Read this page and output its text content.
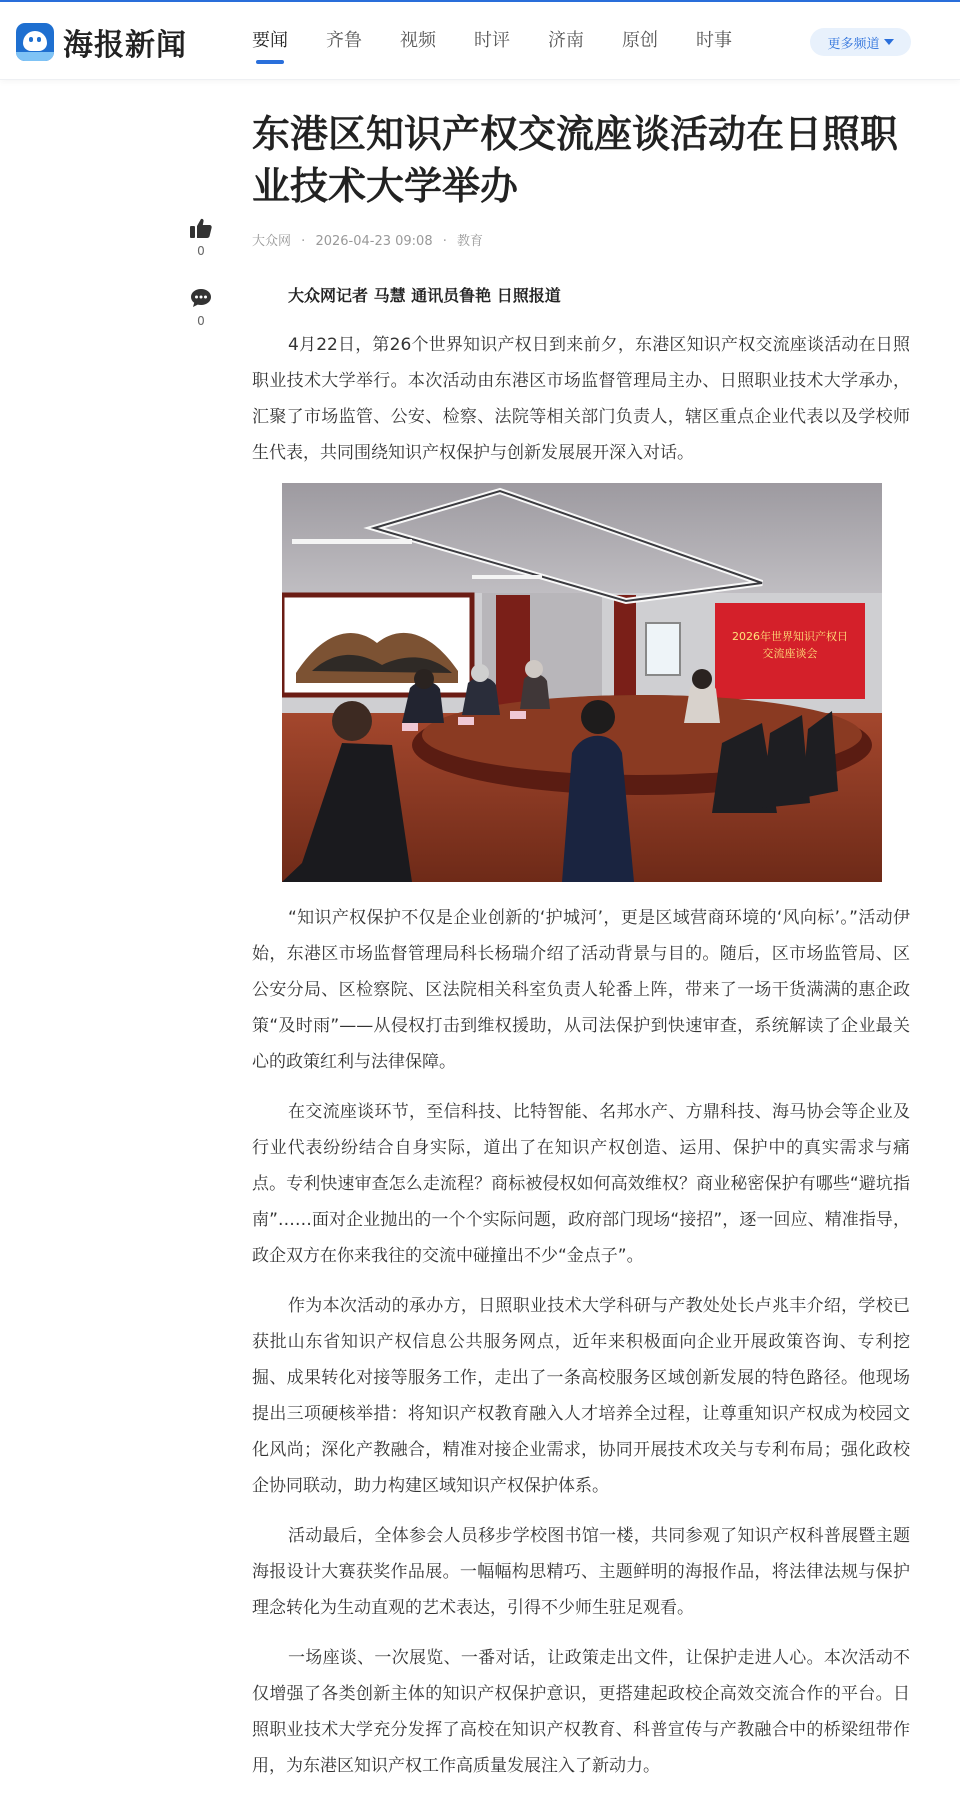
海报新闻	要闻 齐鲁 视频 时评 济南 原创 时事	更多频道
0
0
东港区知识产权交流座谈活动在日照职业技术大学举办
大众网 · 2026-04-23 09:08 · 教育

大众网记者 马慧 通讯员鲁艳 日照报道

4月22日，第26个世界知识产权日到来前夕，东港区知识产权交流座谈活动在日照职业技术大学举行。本次活动由东港区市场监督管理局主办、日照职业技术大学承办，汇聚了市场监管、公安、检察、法院等相关部门负责人，辖区重点企业代表以及学校师生代表，共同围绕知识产权保护与创新发展展开深入对话。

2026年世界知识产权日
交流座谈会

“知识产权保护不仅是企业创新的‘护城河’，更是区域营商环境的‘风向标’。”活动伊始，东港区市场监督管理局科长杨瑞介绍了活动背景与目的。随后，区市场监管局、区公安分局、区检察院、区法院相关科室负责人轮番上阵，带来了一场干货满满的惠企政策“及时雨”——从侵权打击到维权援助，从司法保护到快速审查，系统解读了企业最关心的政策红利与法律保障。

在交流座谈环节，至信科技、比特智能、名邦水产、方鼎科技、海马协会等企业及行业代表纷纷结合自身实际，道出了在知识产权创造、运用、保护中的真实需求与痛点。专利快速审查怎么走流程？商标被侵权如何高效维权？商业秘密保护有哪些“避坑指南”……面对企业抛出的一个个实际问题，政府部门现场“接招”，逐一回应、精准指导，政企双方在你来我往的交流中碰撞出不少“金点子”。

作为本次活动的承办方，日照职业技术大学科研与产教处处长卢兆丰介绍，学校已获批山东省知识产权信息公共服务网点，近年来积极面向企业开展政策咨询、专利挖掘、成果转化对接等服务工作，走出了一条高校服务区域创新发展的特色路径。他现场提出三项硬核举措：将知识产权教育融入人才培养全过程，让尊重知识产权成为校园文化风尚；深化产教融合，精准对接企业需求，协同开展技术攻关与专利布局；强化政校企协同联动，助力构建区域知识产权保护体系。

活动最后，全体参会人员移步学校图书馆一楼，共同参观了知识产权科普展暨主题海报设计大赛获奖作品展。一幅幅构思精巧、主题鲜明的海报作品，将法律法规与保护理念转化为生动直观的艺术表达，引得不少师生驻足观看。

一场座谈、一次展览、一番对话，让政策走出文件，让保护走进人心。本次活动不仅增强了各类创新主体的知识产权保护意识，更搭建起政校企高效交流合作的平台。日照职业技术大学充分发挥了高校在知识产权教育、科普宣传与产教融合中的桥梁纽带作用，为东港区知识产权工作高质量发展注入了新动力。
